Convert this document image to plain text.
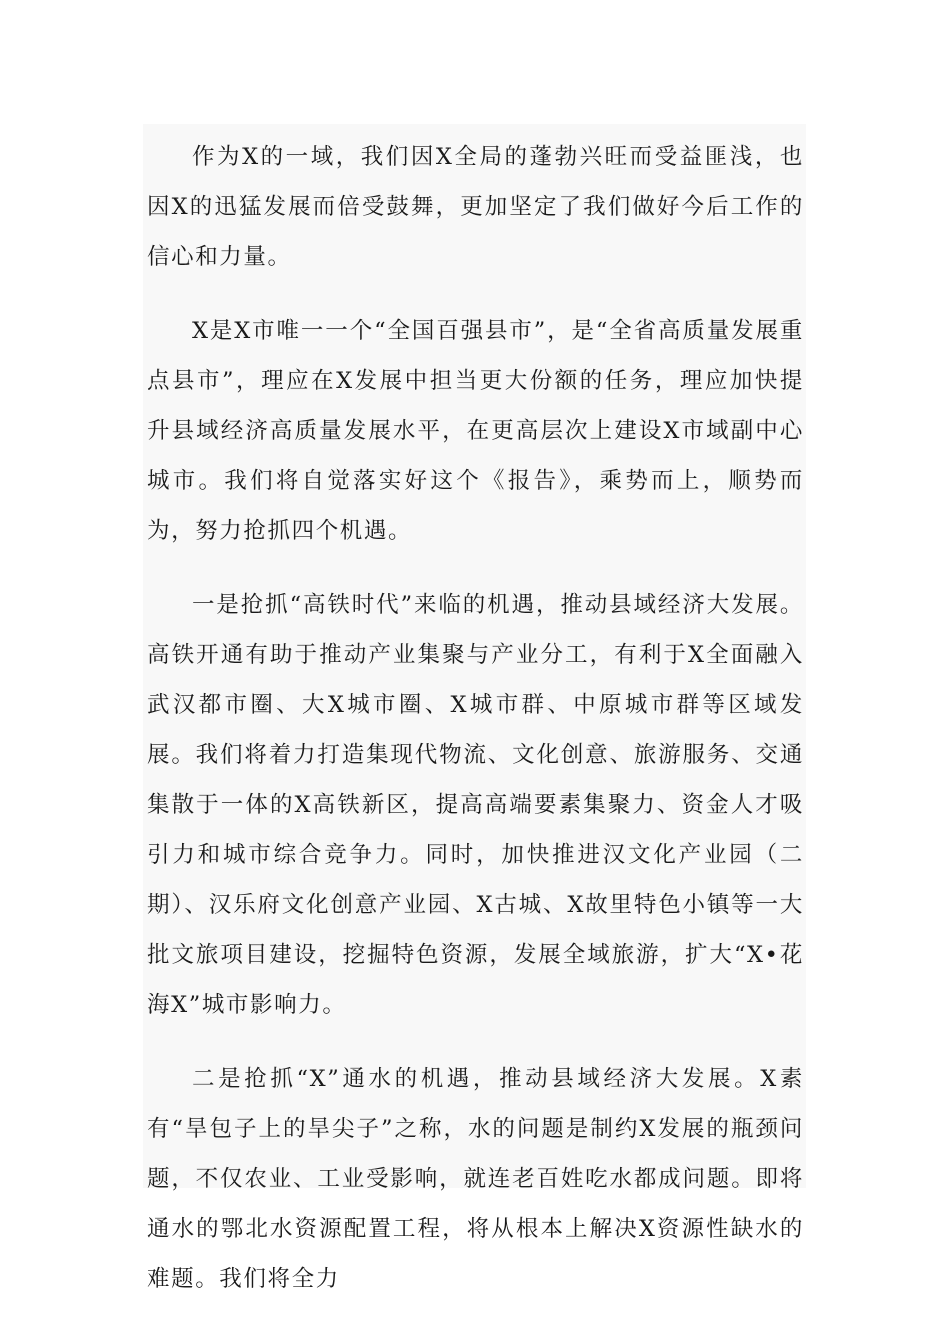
作为X的一域，我们因X全局的蓬勃兴旺而受益匪浅，也因X的迅猛发展而倍受鼓舞，更加坚定了我们做好今后工作的信心和力量。

X是X市唯一一个“全国百强县市”，是“全省高质量发展重点县市”，理应在X发展中担当更大份额的任务，理应加快提升县域经济高质量发展水平，在更高层次上建设X市域副中心城市。我们将自觉落实好这个《报告》，乘势而上，顺势而为，努力抢抓四个机遇。

一是抢抓“高铁时代”来临的机遇，推动县域经济大发展。高铁开通有助于推动产业集聚与产业分工，有利于X全面融入武汉都市圈、大X城市圈、X城市群、中原城市群等区域发展。我们将着力打造集现代物流、文化创意、旅游服务、交通集散于一体的X高铁新区，提高高端要素集聚力、资金人才吸引力和城市综合竞争力。同时，加快推进汉文化产业园（二期）、汉乐府文化创意产业园、X古城、X故里特色小镇等一大批文旅项目建设，挖掘特色资源，发展全域旅游，扩大“X•花海X”城市影响力。

二是抢抓“X”通水的机遇，推动县域经济大发展。X素有“旱包子上的旱尖子”之称，水的问题是制约X发展的瓶颈问题，不仅农业、工业受影响，就连老百姓吃水都成问题。即将通水的鄂北水资源配置工程，将从根本上解决X资源性缺水的难题。我们将全力
